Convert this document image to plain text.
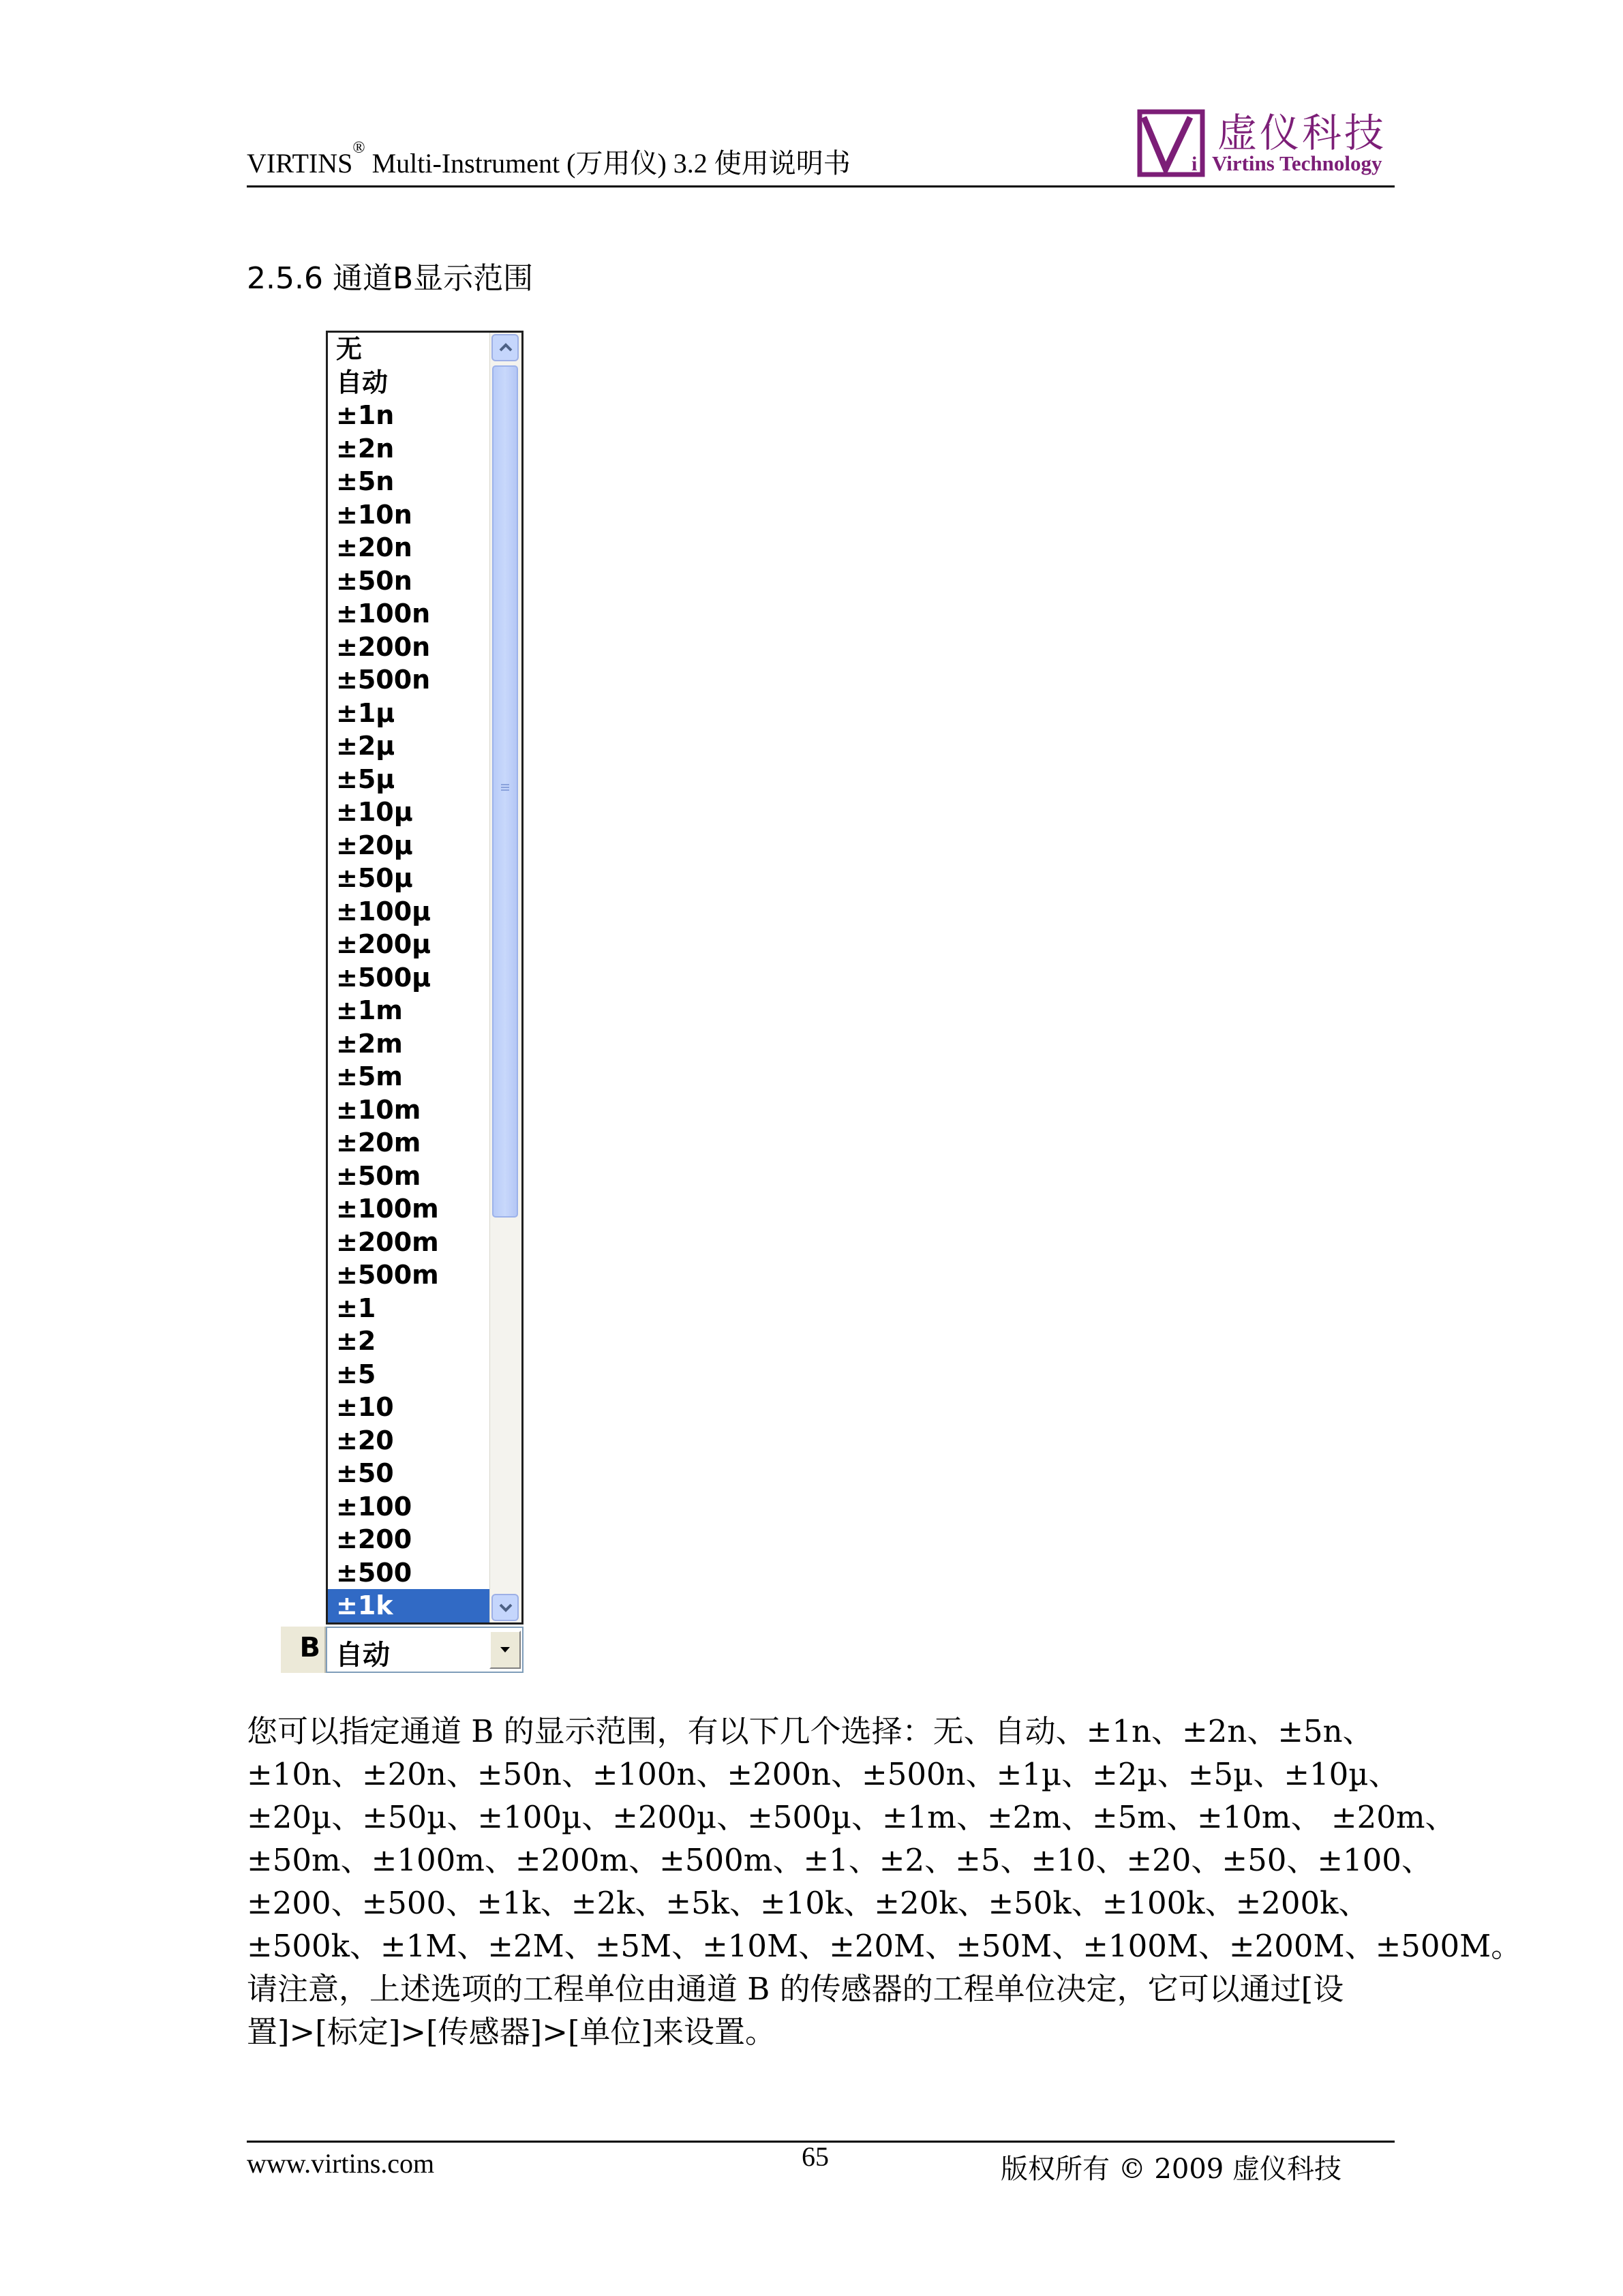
VIRTINS® Multi-Instrument (万用仪) 3.2 使用说明书	i
虚仪科技
Virtins Technology
2.5.6 通道B显示范围
无
自动
±1n
±2n
±5n
±10n
±20n
±50n
±100n
±200n
±500n
±1µ
±2µ
±5µ
±10µ
±20µ
±50µ
±100µ
±200µ
±500µ
±1m
±2m
±5m
±10m
±20m
±50m
±100m
±200m
±500m
±1
±2
±5
±10
±20
±50
±100
±200
±500
±1k
B 自动
您可以指定通道 B 的显示范围，有以下几个选择：无、自动、±1n、±2n、±5n、
±10n、±20n、±50n、±100n、±200n、±500n、±1µ、±2µ、±5µ、±10µ、
±20µ、±50µ、±100µ、±200µ、±500µ、±1m、±2m、±5m、±10m、 ±20m、
±50m、±100m、±200m、±500m、±1、±2、±5、±10、±20、±50、±100、
±200、±500、±1k、±2k、±5k、±10k、±20k、±50k、±100k、±200k、
±500k、±1M、±2M、±5M、±10M、±20M、±50M、±100M、±200M、±500M。
请注意，上述选项的工程单位由通道 B 的传感器的工程单位决定，它可以通过[设
置]>[标定]>[传感器]>[单位]来设置。
www.virtins.com	65	版权所有 © 2009 虚仪科技
